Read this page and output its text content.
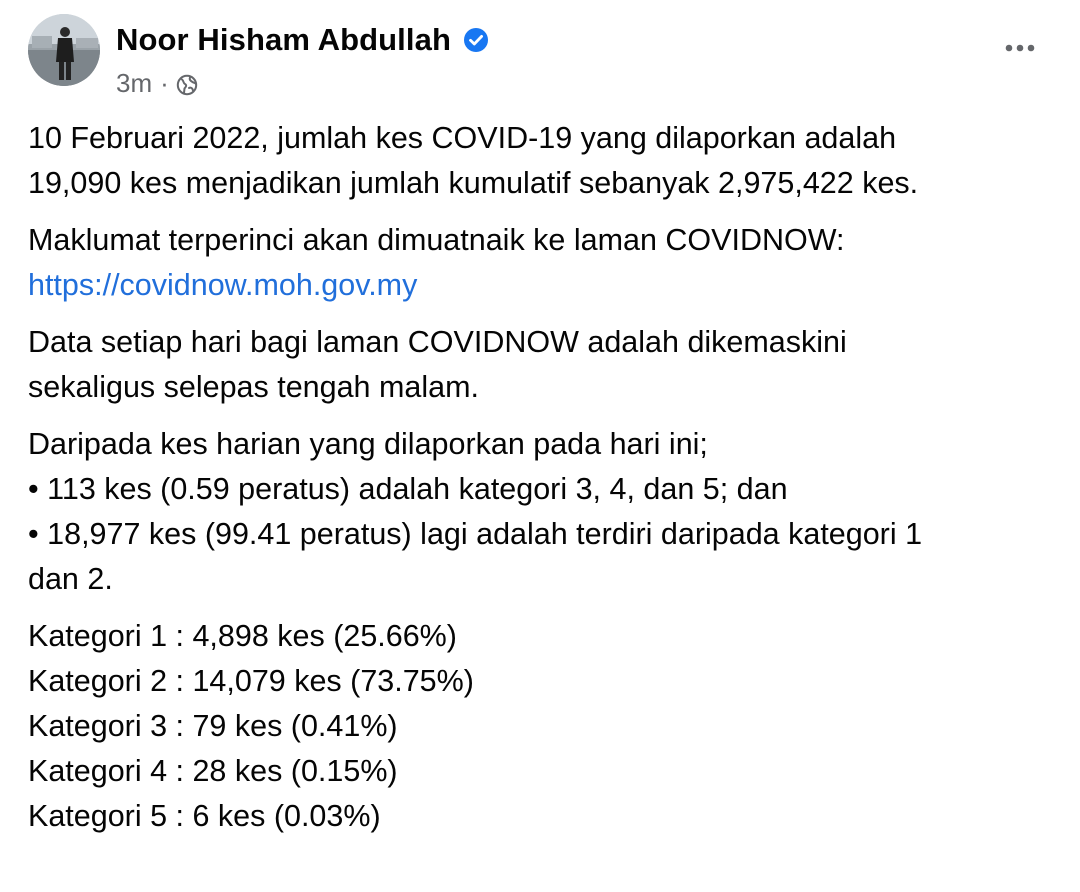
Noor Hisham Abdullah
3m ·
10 Februari 2022, jumlah kes COVID-19 yang dilaporkan adalah
19,090 kes menjadikan jumlah kumulatif sebanyak 2,975,422 kes.
Maklumat terperinci akan dimuatnaik ke laman COVIDNOW:
https://covidnow.moh.gov.my
Data setiap hari bagi laman COVIDNOW adalah dikemaskini
sekaligus selepas tengah malam.
Daripada kes harian yang dilaporkan pada hari ini;
• 113 kes (0.59 peratus) adalah kategori 3, 4, dan 5; dan
• 18,977 kes (99.41 peratus) lagi adalah terdiri daripada kategori 1
dan 2.
Kategori 1 : 4,898 kes (25.66%)
Kategori 2 : 14,079 kes (73.75%)
Kategori 3 : 79 kes (0.41%)
Kategori 4 : 28 kes (0.15%)
Kategori 5 : 6 kes (0.03%)
